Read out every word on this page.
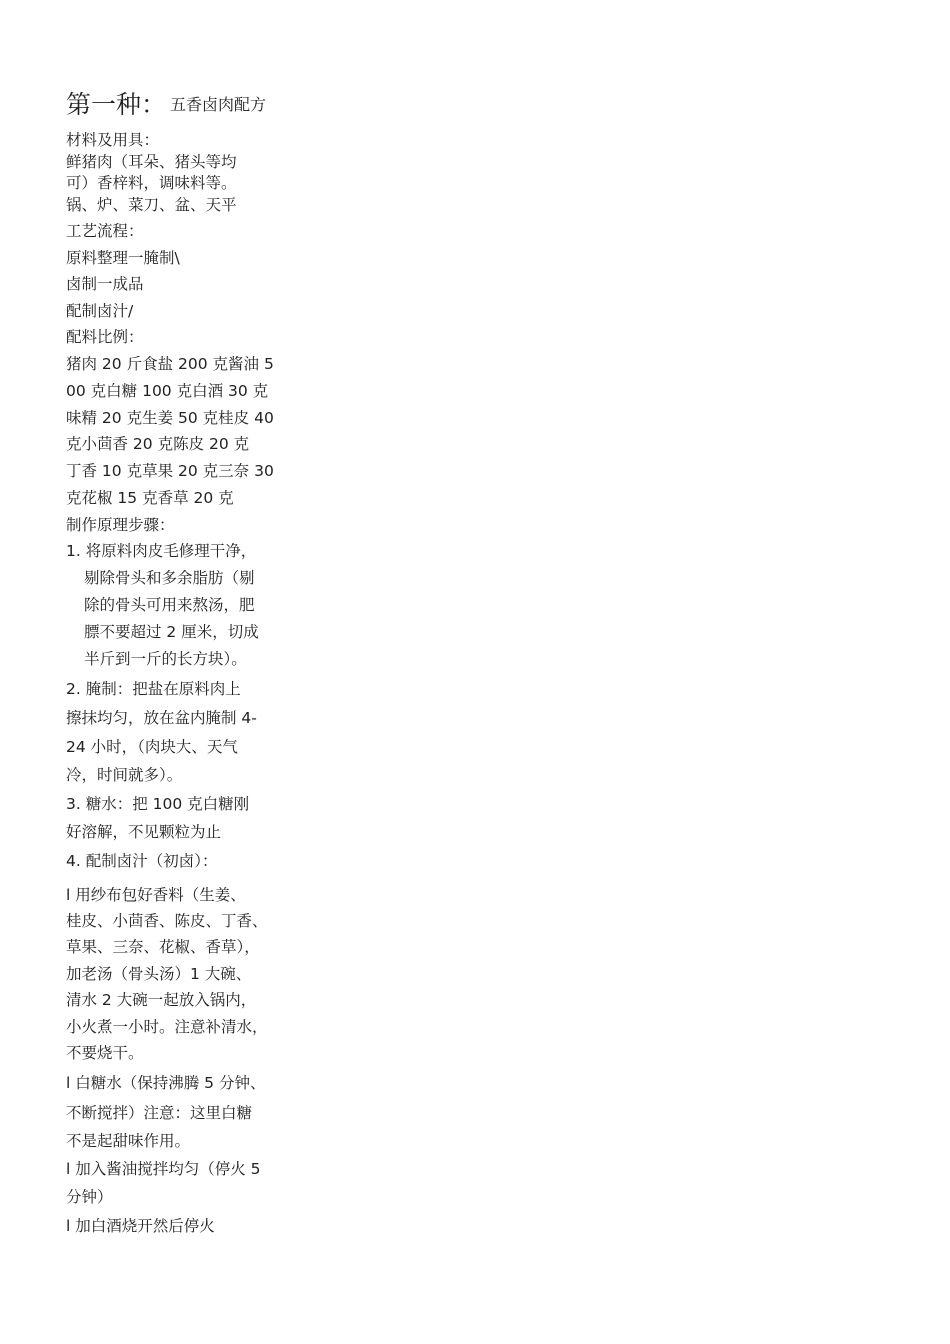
第一种： 五香卤肉配方
材料及用具：
鲜猪肉（耳朵、猪头等均
可）香梓料，调味料等。
锅、炉、菜刀、盆、天平
工艺流程：
原料整理一腌制\
卤制一成品
配制卤汁/
配料比例：
猪肉 20 斤食盐 200 克酱油 5
00 克白糖 100 克白酒 30 克
味精 20 克生姜 50 克桂皮 40
克小茴香 20 克陈皮 20 克
丁香 10 克草果 20 克三奈 30
克花椒 15 克香草 20 克
制作原理步骤：
1. 将原料肉皮毛修理干净，
剔除骨头和多余脂肪（剔
除的骨头可用来熬汤，肥
膘不要超过 2 厘米，切成
半斤到一斤的长方块）。
2. 腌制：把盐在原料肉上
擦抹均匀，放在盆内腌制 4-
24 小时，（肉块大、天气
冷，时间就多）。
3. 糖水：把 100 克白糖刚
好溶解，不见颗粒为止
4. 配制卤汁（初卤）：
l 用纱布包好香料（生姜、
桂皮、小茴香、陈皮、丁香、
草果、三奈、花椒、香草），
加老汤（骨头汤）1 大碗、
清水 2 大碗一起放入锅内，
小火煮一小时。注意补清水，
不要烧干。
l 白糖水（保持沸腾 5 分钟、
不断搅拌）注意：这里白糖
不是起甜味作用。
l 加入酱油搅拌均匀（停火 5
分钟）
l 加白酒烧开然后停火
